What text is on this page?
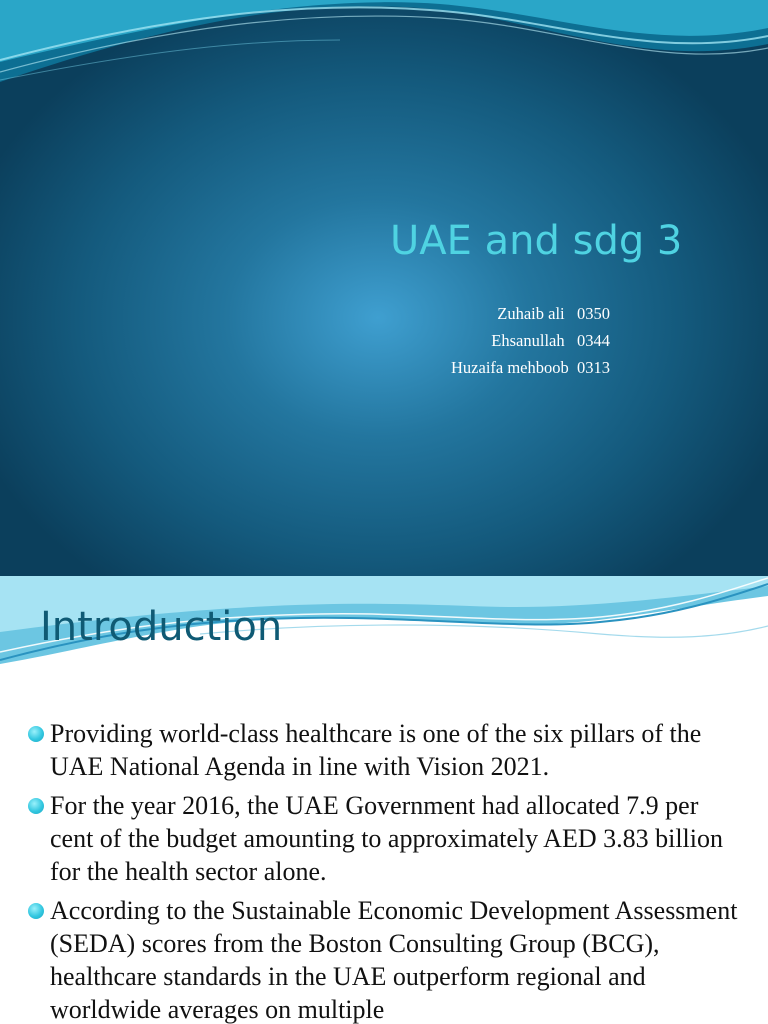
UAE and sdg 3
Zuhaib ali   0350
Ehsanullah   0344
Huzaifa mehboob  0313
Introduction
Providing world-class healthcare is one of the six pillars of the UAE National Agenda in line with Vision 2021.
For the year 2016, the UAE Government had allocated 7.9 per cent of the budget amounting to approximately AED 3.83 billion for the health sector alone.
According to the Sustainable Economic Development Assessment (SEDA) scores from the Boston Consulting Group (BCG), healthcare standards in the UAE outperform regional and worldwide averages on multiple
